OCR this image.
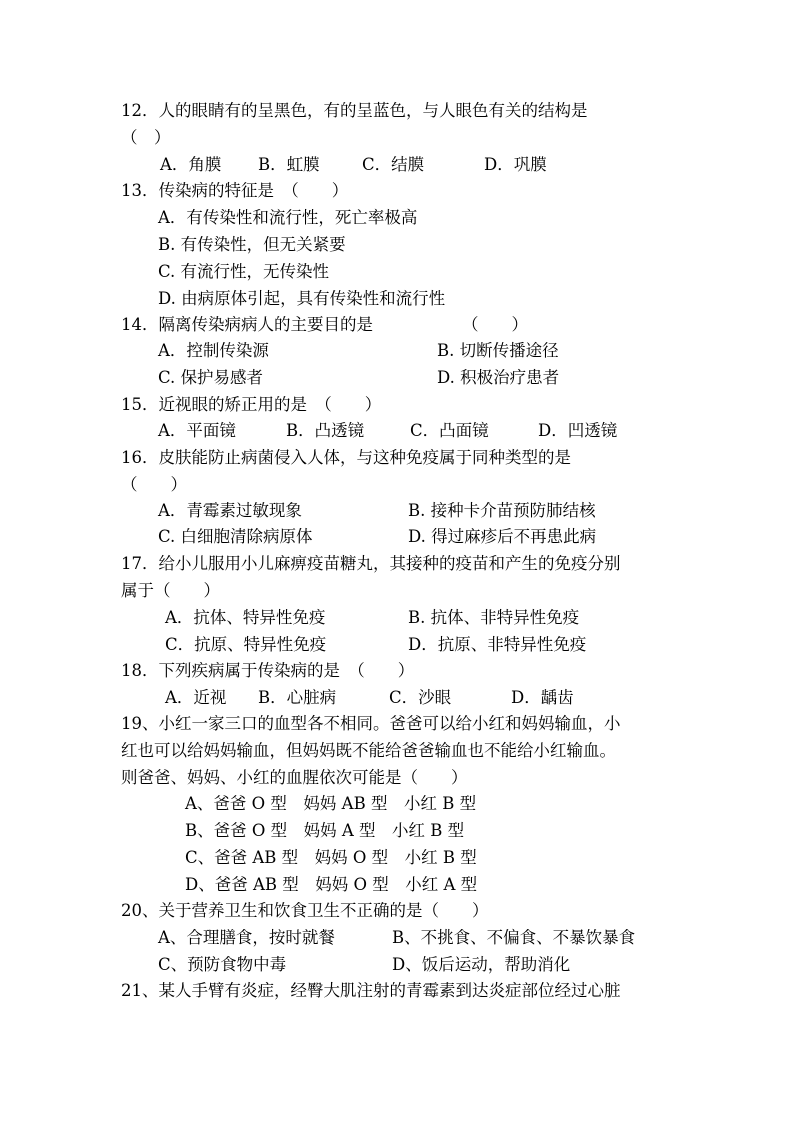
12．人的眼睛有的呈黑色，有的呈蓝色，与人眼色有关的结构是
（　）
A．角膜 B．虹膜	C．结膜	D．巩膜
13．传染病的特征是　（　　）
A．有传染性和流行性，死亡率极高
B. 有传染性，但无关紧要
C. 有流行性，无传染性
D. 由病原体引起，具有传染性和流行性
14．隔离传染病病人的主要目的是	（　　）
A．控制传染源	B. 切断传播途径
C. 保护易感者	D. 积极治疗患者
15．近视眼的矫正用的是　（　　）
A．平面镜	B．凸透镜	C．凸面镜	D．凹透镜
16．皮肤能防止病菌侵入人体，与这种免疫属于同种类型的是
（　　）
A．青霉素过敏现象	B. 接种卡介苗预防肺结核
C. 白细胞清除病原体	D. 得过麻疹后不再患此病
17．给小儿服用小儿麻痹疫苗糖丸，其接种的疫苗和产生的免疫分别
属于（　　）
A．抗体、特异性免疫	B. 抗体、非特异性免疫
C．抗原、特异性免疫	D．抗原、非特异性免疫
18．下列疾病属于传染病的是　（　　）
A．近视 B．心脏病	C．沙眼	D．龋齿
19、小红一家三口的血型各不相同。爸爸可以给小红和妈妈输血，小
红也可以给妈妈输血，但妈妈既不能给爸爸输血也不能给小红输血。
则爸爸、妈妈、小红的血腥依次可能是（　　）
A、爸爸 O 型　妈妈 AB 型　小红 B 型
B、爸爸 O 型　妈妈 A 型　小红 B 型
C、爸爸 AB 型　妈妈 O 型　小红 B 型
D、爸爸 AB 型　妈妈 O 型　小红 A 型
20、关于营养卫生和饮食卫生不正确的是（　　）
A、合理膳食，按时就餐	B、不挑食、不偏食、不暴饮暴食
C、预防食物中毒	D、饭后运动，帮助消化
21、某人手臂有炎症，经臀大肌注射的青霉素到达炎症部位经过心脏
